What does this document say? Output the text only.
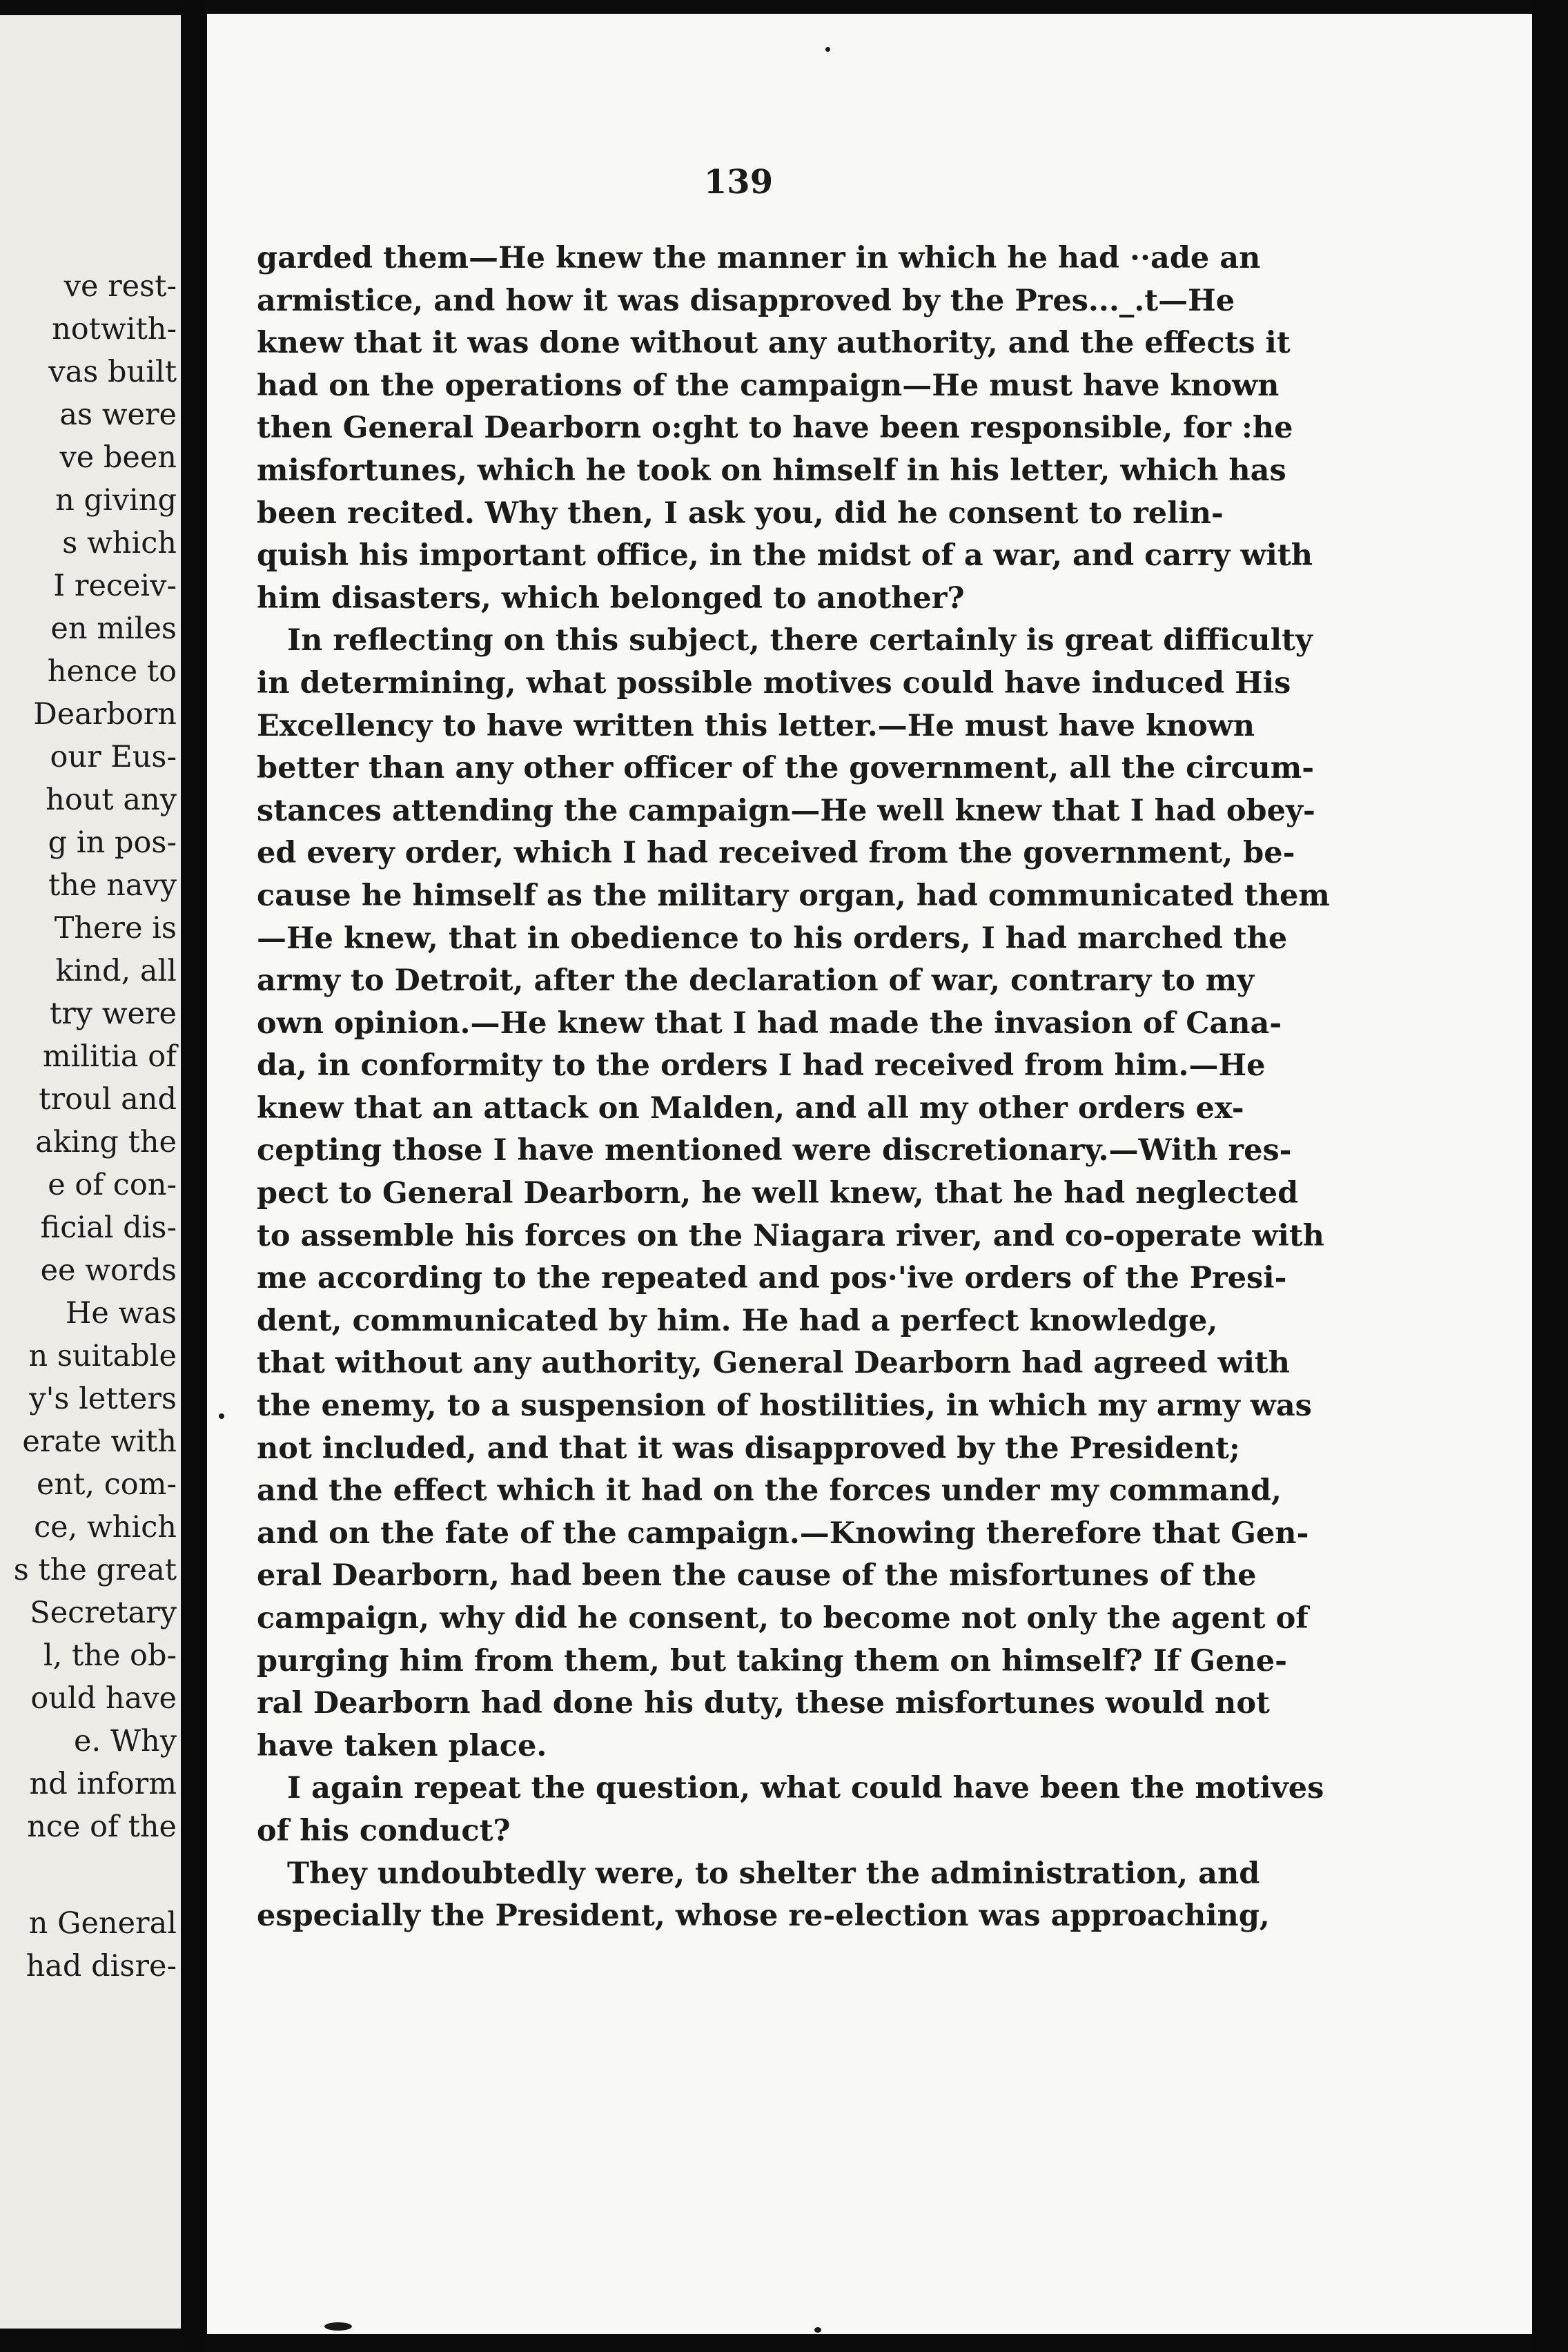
ve rest-
notwith-
vas built
as were
ve been
n giving
s which
I receiv-
en miles
hence to
Dearborn
our Eus-
hout any
g in pos-
the navy
There is
kind, all
try were
militia of
troul and
aking the
e of con-
ficial dis-
ee words
He was
n suitable
y's letters
erate with
ent, com-
ce, which
s the great
Secretary
l, the ob-
ould have
e. Why
nd inform
nce of the
n General
had disre-
139
garded them—He knew the manner in which he had ··ade an
armistice, and how it was disapproved by the Pres..._.t—He
knew that it was done without any authority, and the effects it
had on the operations of the campaign—He must have known
then General Dearborn o:ght to have been responsible, for :he
misfortunes, which he took on himself in his letter, which has
been recited. Why then, I ask you, did he consent to relin-
quish his important office, in the midst of a war, and carry with
him disasters, which belonged to another?
In reflecting on this subject, there certainly is great difficulty
in determining, what possible motives could have induced His
Excellency to have written this letter.—He must have known
better than any other officer of the government, all the circum-
stances attending the campaign—He well knew that I had obey-
ed every order, which I had received from the government, be-
cause he himself as the military organ, had communicated them
—He knew, that in obedience to his orders, I had marched the
army to Detroit, after the declaration of war, contrary to my
own opinion.—He knew that I had made the invasion of Cana-
da, in conformity to the orders I had received from him.—He
knew that an attack on Malden, and all my other orders ex-
cepting those I have mentioned were discretionary.—With res-
pect to General Dearborn, he well knew, that he had neglected
to assemble his forces on the Niagara river, and co-operate with
me according to the repeated and pos·'ive orders of the Presi-
dent, communicated by him. He had a perfect knowledge,
that without any authority, General Dearborn had agreed with
the enemy, to a suspension of hostilities, in which my army was
not included, and that it was disapproved by the President;
and the effect which it had on the forces under my command,
and on the fate of the campaign.—Knowing therefore that Gen-
eral Dearborn, had been the cause of the misfortunes of the
campaign, why did he consent, to become not only the agent of
purging him from them, but taking them on himself? If Gene-
ral Dearborn had done his duty, these misfortunes would not
have taken place.
I again repeat the question, what could have been the motives
of his conduct?
They undoubtedly were, to shelter the administration, and
especially the President, whose re-election was approaching,
